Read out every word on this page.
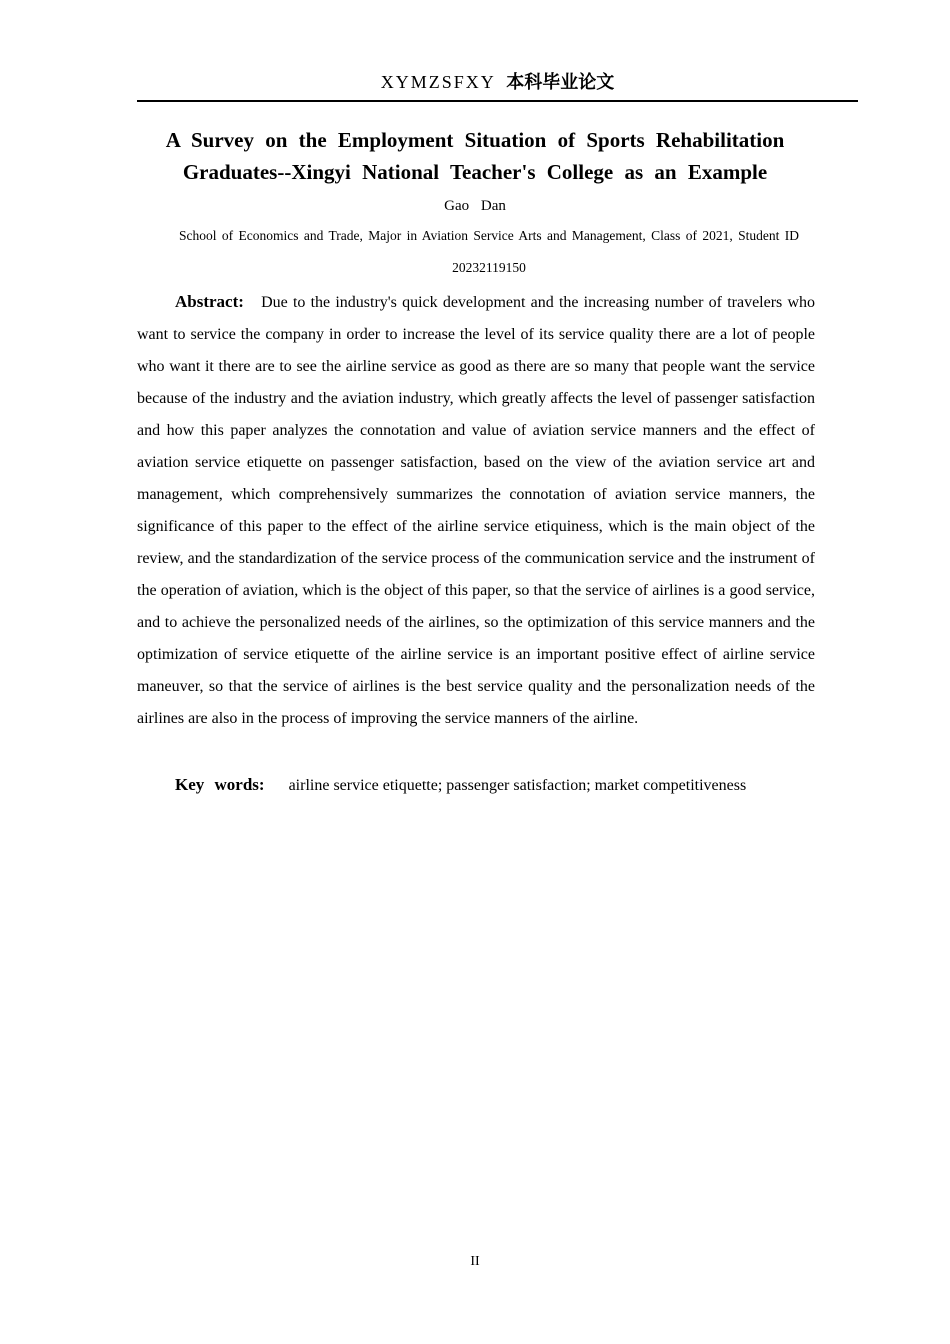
XYMZSFXY 本科毕业论文
A Survey on the Employment Situation of Sports Rehabilitation
Graduates--Xingyi National Teacher's College as an Example
Gao Dan
School of Economics and Trade, Major in Aviation Service Arts and Management, Class of 2021, Student ID
20232119150

Abstract: Due to the industry's quick development and the increasing number of travelers who want to service the company in order to increase the level of its service quality there are a lot of people who want it there are to see the airline service as good as there are so many that people want the service because of the industry and the aviation industry, which greatly affects the level of passenger satisfaction and how this paper analyzes the connotation and value of aviation service manners and the effect of aviation service etiquette on passenger satisfaction, based on the view of the aviation service art and management, which comprehensively summarizes the connotation of aviation service manners, the significance of this paper to the effect of the airline service etiquiness, which is the main object of the review, and the standardization of the service process of the communication service and the instrument of the operation of aviation, which is the object of this paper, so that the service of airlines is a good service, and to achieve the personalized needs of the airlines, so the optimization of this service manners and the optimization of service etiquette of the airline service is an important positive effect of airline service maneuver, so that the service of airlines is the best service quality and the personalization needs of the airlines are also in the process of improving the service manners of the airline.

Key words: airline service etiquette; passenger satisfaction; market competitiveness

II
